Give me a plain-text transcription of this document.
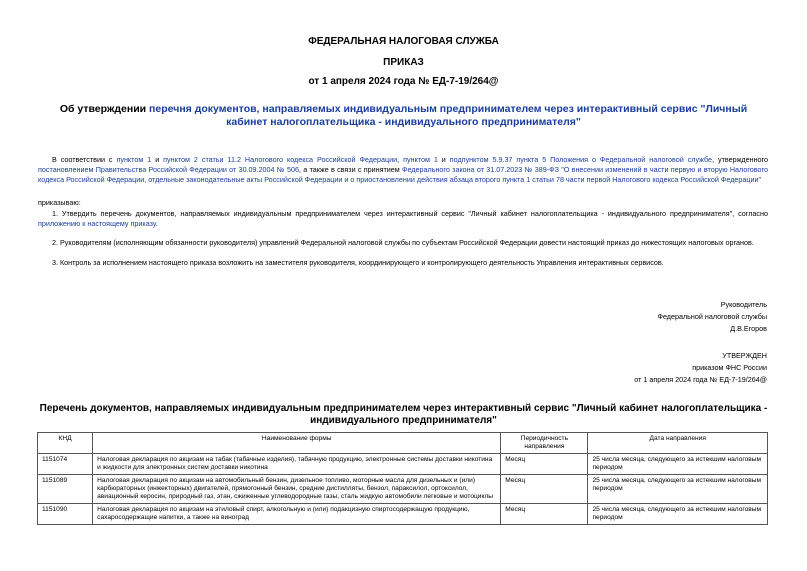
ФЕДЕРАЛЬНАЯ НАЛОГОВАЯ СЛУЖБА
ПРИКАЗ
от 1 апреля 2024 года № ЕД-7-19/264@
Об утверждении перечня документов, направляемых индивидуальным предпринимателем через интерактивный сервис "Личный кабинет налогоплательщика - индивидуального предпринимателя"
В соответствии с пунктом 1 и пунктом 2 статьи 11.2 Налогового кодекса Российской Федерации, пунктом 1 и подпунктом 5.9.37 пункта 5 Положения о Федеральной налоговой службе, утвержденного постановлением Правительства Российской Федерации от 30.09.2004 № 506, а также в связи с принятием Федерального закона от 31.07.2023 № 389-ФЗ "О внесении изменений в части первую и вторую Налогового кодекса Российской Федерации, отдельные законодательные акты Российской Федерации и о приостановлении действия абзаца второго пункта 1 статьи 78 части первой Налогового кодекса Российской Федерации"
приказываю:
1. Утвердить перечень документов, направляемых индивидуальным предпринимателем через интерактивный сервис "Личный кабинет налогоплательщика - индивидуального предпринимателя", согласно приложению к настоящему приказу.
2. Руководителям (исполняющим обязанности руководителя) управлений Федеральной налоговой службы по субъектам Российской Федерации довести настоящий приказ до нижестоящих налоговых органов.
3. Контроль за исполнением настоящего приказа возложить на заместителя руководителя, координирующего и контролирующего деятельность Управления интерактивных сервисов.
Руководитель
Федеральной налоговой службы
Д.В.Егоров
УТВЕРЖДЕН
приказом ФНС России
от 1 апреля 2024 года № ЕД-7-19/264@
Перечень документов, направляемых индивидуальным предпринимателем через интерактивный сервис "Личный кабинет налогоплательщика - индивидуального предпринимателя"
КНД	Наименование формы	Периодичность направления	Дата направления
1151074	Налоговая декларация по акцизам на табак (табачные изделия), табачную продукцию, электронные системы доставки никотина и жидкости для электронных систем доставки никотина	Месяц	25 числа месяца, следующего за истекшим налоговым периодом
1151089	Налоговая декларация по акцизам на автомобильный бензин, дизельное топливо, моторные масла для дизельных и (или) карбюраторных (инжекторных) двигателей, прямогонный бензин, средние дистилляты, бензол, параксилол, ортоксилол, авиационный керосин, природный газ, этан, сжиженные углеводородные газы, сталь жидкую автомобили легковые и мотоциклы	Месяц	25 числа месяца, следующего за истекшим налоговым периодом
1151090	Налоговая декларация по акцизам на этиловый спирт, алкогольную и (или) подакцизную спиртосодержащую продукцию, сахаросодержащие напитки, а также на виноград	Месяц	25 числа месяца, следующего за истекшим налоговым периодом
